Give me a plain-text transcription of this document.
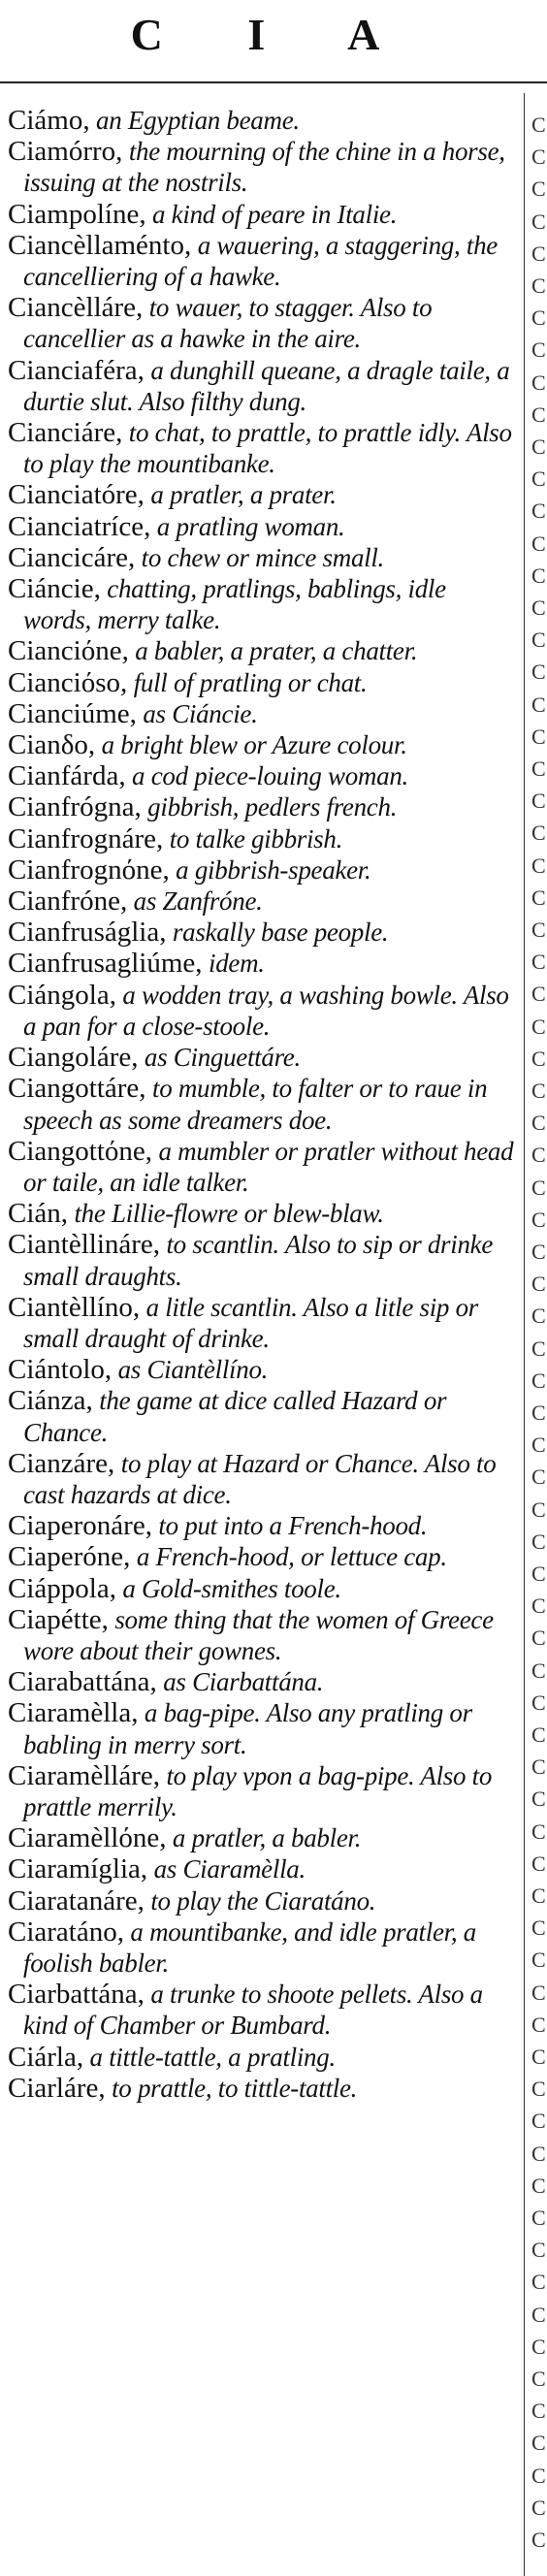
C I A
C
C
C
C
C
C
C
C
C
C
C
C
C
C
C
C
C
C
C
C
C
C
C
C
C
C
C
C
C
C
C
C
C
C
C
C
C
C
C
C
C
C
C
C
C
C
C
C
C
C
C
C
C
C
C
C
C
C
C
C
C
C
C
C
C
C
C
C
C
C
C
C
C
C
C
C

Ciámo, an Egyptian beame.

Ciamórro, the mourning of the chine in a horse, issuing at the nostrils.

Ciampolíne, a kind of peare in Italie.

Ciancèllaménto, a wauering, a staggering, the cancelliering of a hawke.

Ciancèlláre, to wauer, to stagger. Also to cancellier as a hawke in the aire.

Cianciaféra, a dunghill queane, a dragle taile, a durtie slut. Also filthy dung.

Cianciáre, to chat, to prattle, to prattle idly. Also to play the mountibanke.

Cianciatóre, a pratler, a prater.

Cianciatríce, a pratling woman.

Ciancicáre, to chew or mince small.

Ciáncie, chatting, pratlings, bablings, idle words, merry talke.

Cianciόne, a babler, a prater, a chatter.

Cianciόso, full of pratling or chat.

Cianciúme, as Ciáncie.

Cianδo, a bright blew or Azure colour.

Cianfárda, a cod piece-louing woman.

Cianfrógna, gibbrish, pedlers french.

Cianfrognáre, to talke gibbrish.

Cianfrognόne, a gibbrish-speaker.

Cianfróne, as Zanfróne.

Cianfruságlia, raskally base people.

Cianfrusagliúme, idem.

Ciángola, a wodden tray, a washing bowle. Also a pan for a close-stoole.

Ciangoláre, as Cinguettáre.

Ciangottáre, to mumble, to falter or to raue in speech as some dreamers doe.

Ciangottόne, a mumbler or pratler without head or taile, an idle talker.

Cián, the Lillie-flowre or blew-blaw.

Ciantèllináre, to scantlin. Also to sip or drinke small draughts.

Ciantèllíno, a litle scantlin. Also a litle sip or small draught of drinke.

Ciántolo, as Ciantèllíno.

Ciánza, the game at dice called Hazard or Chance.

Cianzáre, to play at Hazard or Chance. Also to cast hazards at dice.

Ciaperonáre, to put into a French-hood.

Ciaperóne, a French-hood, or lettuce cap.

Ciáppola, a Gold-smithes toole.

Ciapétte, some thing that the women of Greece wore about their gownes.

Ciarabattána, as Ciarbattána.

Ciaramèlla, a bag-pipe. Also any pratling or babling in merry sort.

Ciaramèlláre, to play vpon a bag-pipe. Also to prattle merrily.

Ciaramèllόne, a pratler, a babler.

Ciaramíglia, as Ciaramèlla.

Ciaratanáre, to play the Ciaratáno.

Ciaratáno, a mountibanke, and idle pratler, a foolish babler.

Ciarbattána, a trunke to shoote pellets. Also a kind of Chamber or Bumbard.

Ciárla, a tittle-tattle, a pratling.

Ciarláre, to prattle, to tittle-tattle.
